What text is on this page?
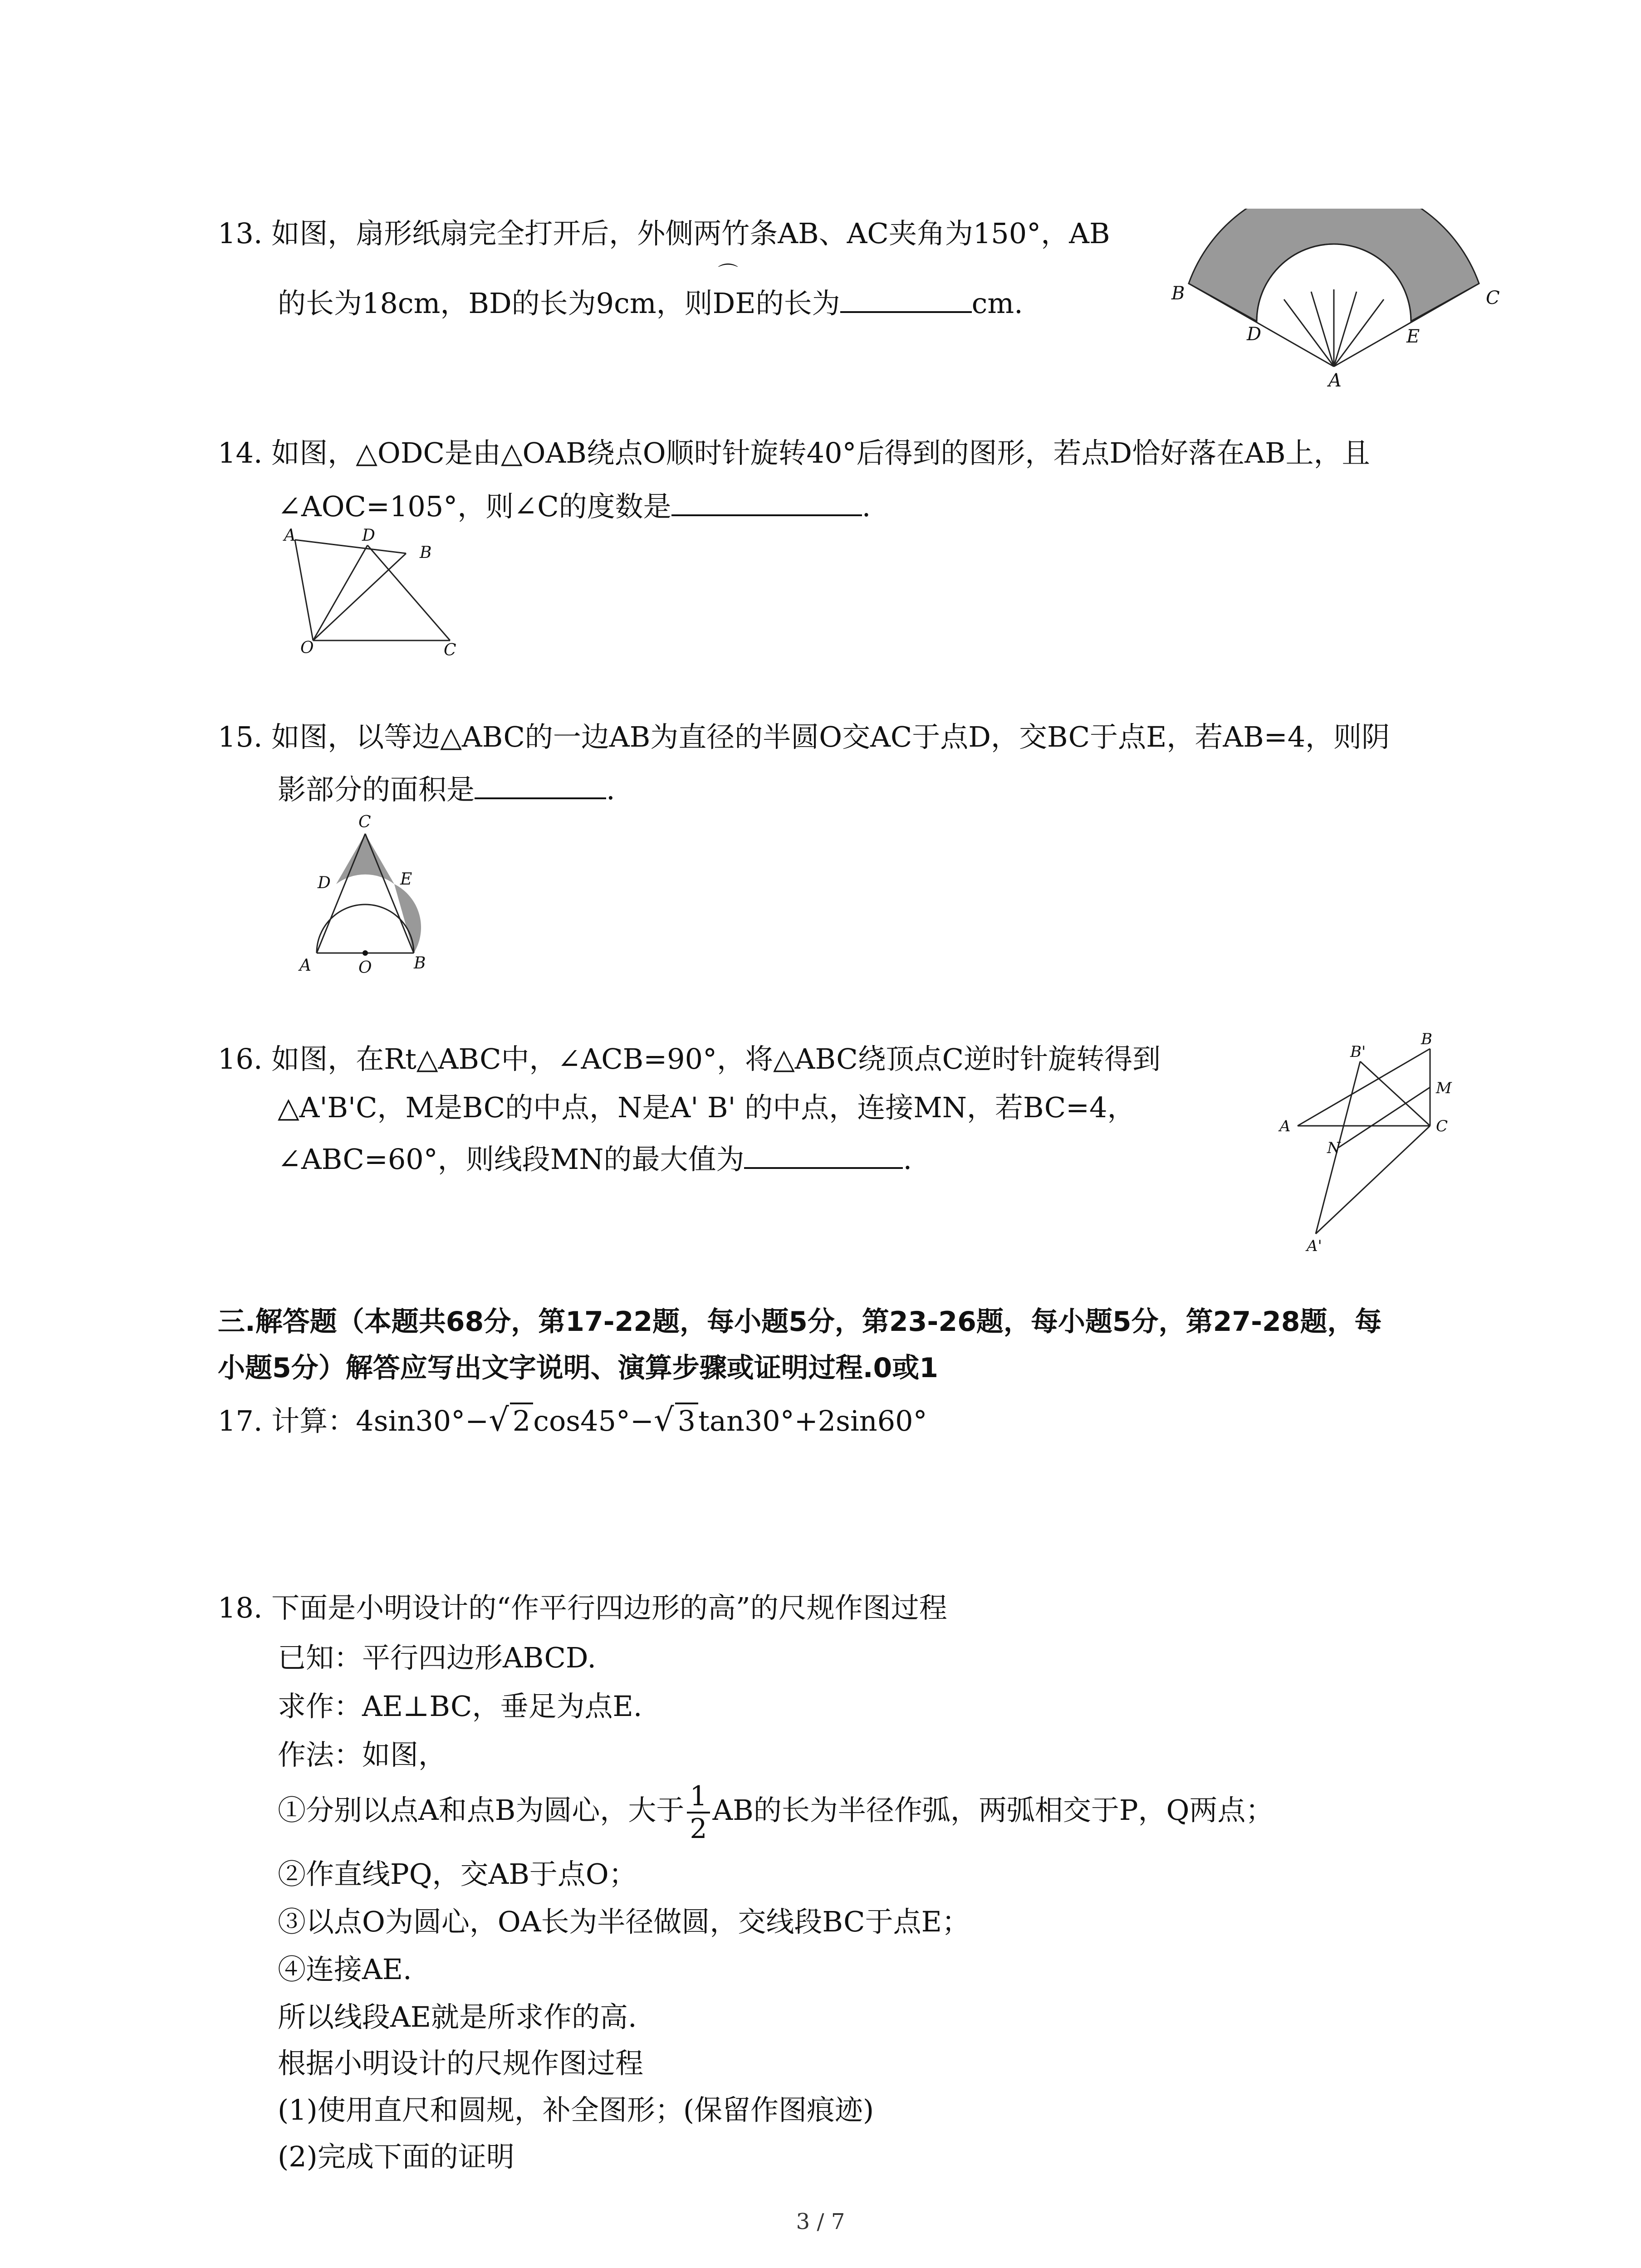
13. 如图，扇形纸扇完全打开后，外侧两竹条AB、AC夹角为150°，AB
的长为18cm，BD的长为9cm，则⌒ DE的长为	cm.	B	C
D	E
A
14. 如图，△ODC是由△OAB绕点O顺时针旋转40°后得到的图形，若点D恰好落在AB上，且
∠AOC=105°，则∠C的度数是	.
A	D
B
O	C
15. 如图，以等边△ABC的一边AB为直径的半圆O交AC于点D，交BC于点E，若AB=4，则阴
影部分的面积是	.
C
D	E
A	O	B
16. 如图，在Rt△ABC中，∠ACB=90°，将△ABC绕顶点C逆时针旋转得到
△A'B'C，M是BC的中点，N是A' B' 的中点，连接MN，若BC=4，
∠ABC=60°，则线段MN的最大值为	.
B
B'
M
A
N
C
A'
三.解答题（本题共68分，第17-22题，每小题5分，第23-26题，每小题5分，第27-28题，每
小题5分）解答应写出文字说明、演算步骤或证明过程.0或1
17. 计算：4sin30°−√ 2cos45°−√ 3tan30°+2sin60°
18. 下面是小明设计的“作平行四边形的高”的尺规作图过程
已知：平行四边形ABCD.
求作：AE⊥BC，垂足为点E.
作法：如图，
①分别以点A和点B为圆心，大于 $\frac{1}{2}$ AB的长为半径作弧，两弧相交于P，Q两点；
②作直线PQ，交AB于点O；
③以点O为圆心，OA长为半径做圆，交线段BC于点E；
④连接AE.
所以线段AE就是所求作的高.
根据小明设计的尺规作图过程
(1)使用直尺和圆规，补全图形；(保留作图痕迹)
(2)完成下面的证明
3 / 7
